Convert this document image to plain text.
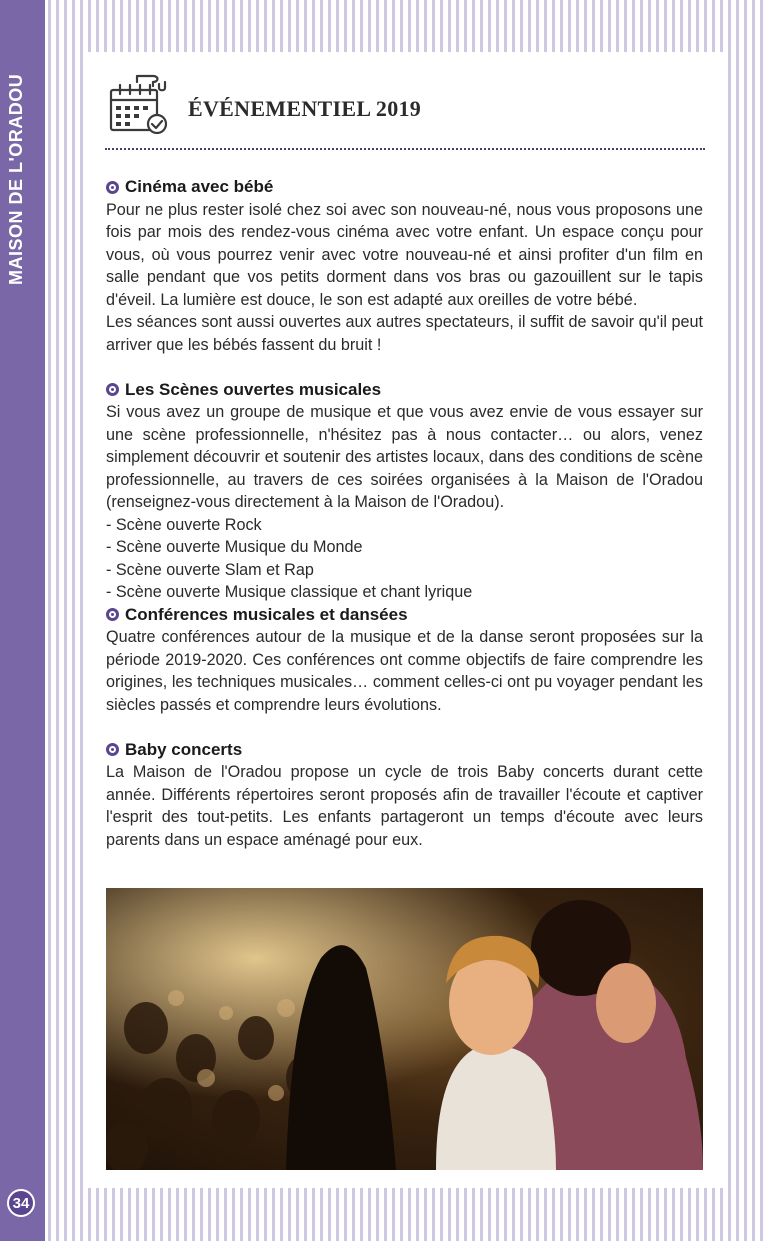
MAISON DE L'ORADOU
34
ÉVÉNEMENTIEL 2019
Cinéma avec bébé

Pour ne plus rester isolé chez soi avec son nouveau-né, nous vous proposons une fois par mois des rendez-vous cinéma avec votre enfant. Un espace conçu pour vous, où vous pourrez venir avec votre nouveau-né et ainsi profiter d'un film en salle pendant que vos petits dorment dans vos bras ou gazouillent sur le tapis d'éveil. La lumière est douce, le son est adapté aux oreilles de votre bébé.

Les séances sont aussi ouvertes aux autres spectateurs, il suffit de savoir qu'il peut arriver que les bébés fassent du bruit !

Les Scènes ouvertes musicales

Si vous avez un groupe de musique et que vous avez envie de vous essayer sur une scène professionnelle, n'hésitez pas à nous contacter… ou alors, venez simplement découvrir et soutenir des artistes locaux, dans des conditions de scène professionnelle, au travers de ces soirées organisées à la Maison de l'Oradou (renseignez-vous directement à la Maison de l'Oradou).

- Scène ouverte Rock
- Scène ouverte Musique du Monde
- Scène ouverte Slam et Rap
- Scène ouverte Musique classique et chant lyrique
Conférences musicales et dansées

Quatre conférences autour de la musique et de la danse seront proposées sur la période 2019-2020. Ces conférences ont comme objectifs de faire comprendre les origines, les techniques musicales… comment celles-ci ont pu voyager pendant les siècles passés et comprendre leurs évolutions.

Baby concerts

La Maison de l'Oradou propose un cycle de trois Baby concerts durant cette année. Différents répertoires seront proposés afin de travailler l'écoute et captiver l'esprit des tout-petits. Les enfants partageront un temps d'écoute avec leurs parents dans un espace aménagé pour eux.
